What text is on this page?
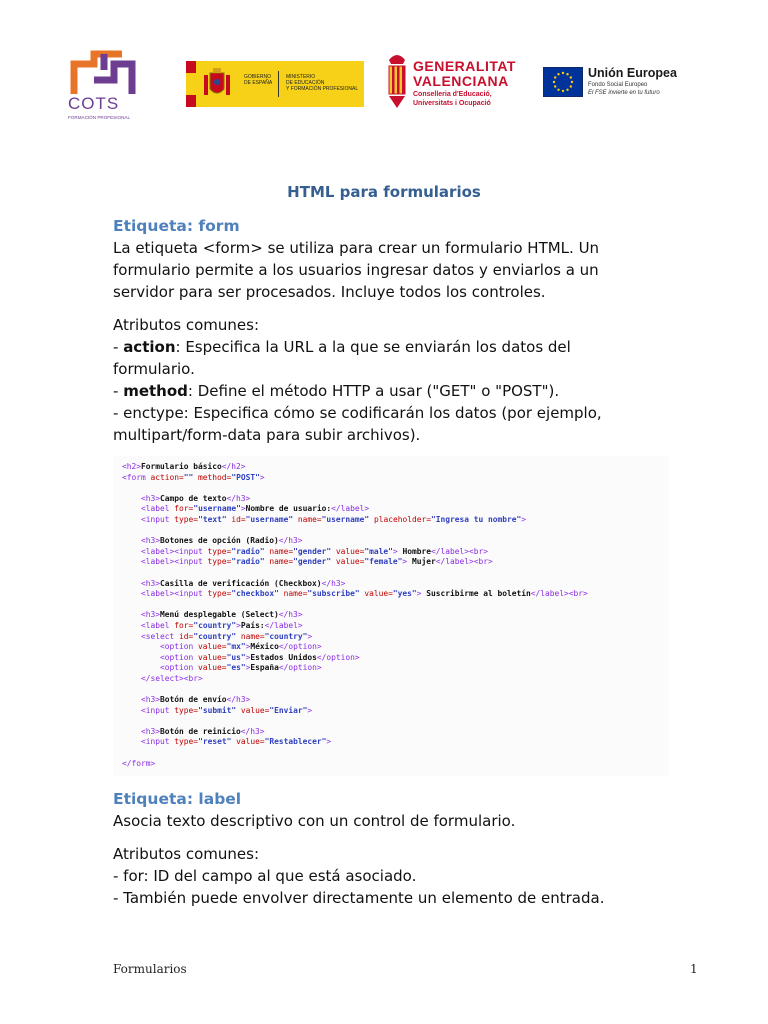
COTS
FORMACIÓN PROFESIONAL
GOBIERNO
DE ESPAÑA
MINISTERIO
DE EDUCACIÓN
Y FORMACIÓN PROFESIONAL
GENERALITAT
VALENCIANA
Conselleria d'Educació,
Universitats i Ocupació
Unión Europea
Fondo Social Europeo
El FSE invierte en tu futuro
HTML para formularios

Etiqueta: form

La etiqueta <form> se utiliza para crear un formulario HTML. Un

formulario permite a los usuarios ingresar datos y enviarlos a un

servidor para ser procesados. Incluye todos los controles.

Atributos comunes:

- action: Especifica la URL a la que se enviarán los datos del

formulario.

- method: Define el método HTTP a usar ("GET" o "POST").

- enctype: Especifica cómo se codificarán los datos (por ejemplo,

multipart/form-data para subir archivos).

<h2>Formulario básico</h2>
<form action="" method="POST">

<h3>Campo de texto</h3>
<label for="username">Nombre de usuario:</label>
<input type="text" id="username" name="username" placeholder="Ingresa tu nombre">

<h3>Botones de opción (Radio)</h3>
<label><input type="radio" name="gender" value="male"> Hombre</label><br>
<label><input type="radio" name="gender" value="female"> Mujer</label><br>

<h3>Casilla de verificación (Checkbox)</h3>
<label><input type="checkbox" name="subscribe" value="yes"> Suscribirme al boletín</label><br>

<h3>Menú desplegable (Select)</h3>
<label for="country">País:</label>
<select id="country" name="country">
<option value="mx">México</option>
<option value="us">Estados Unidos</option>
<option value="es">España</option>
</select><br>

<h3>Botón de envío</h3>
<input type="submit" value="Enviar">

<h3>Botón de reinicio</h3>
<input type="reset" value="Restablecer">

</form>

Etiqueta: label

Asocia texto descriptivo con un control de formulario.

Atributos comunes:

- for: ID del campo al que está asociado.

- También puede envolver directamente un elemento de entrada.

Formularios	1
